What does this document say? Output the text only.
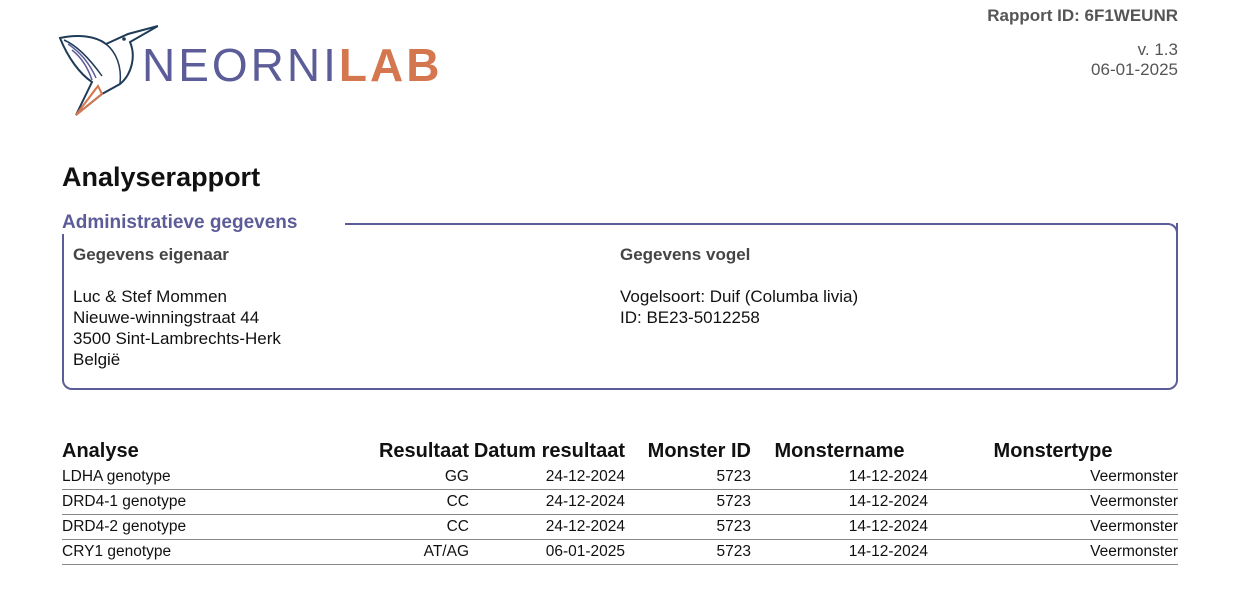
NEORNILAB
Rapport ID: 6F1WEUNR
v. 1.3
06-01-2025
Analyserapport
Administratieve gegevens
Gegevens eigenaar
Luc & Stef Mommen
Nieuwe-winningstraat 44
3500 Sint-Lambrechts-Herk
België
Gegevens vogel
Vogelsoort: Duif (Columba livia)
ID: BE23-5012258
Analyse	Resultaat	Datum resultaat	Monster ID	Monstername	Monstertype
LDHA genotype	GG	24-12-2024	5723	14-12-2024	Veermonster
DRD4-1 genotype	CC	24-12-2024	5723	14-12-2024	Veermonster
DRD4-2 genotype	CC	24-12-2024	5723	14-12-2024	Veermonster
CRY1 genotype	AT/AG	06-01-2025	5723	14-12-2024	Veermonster
